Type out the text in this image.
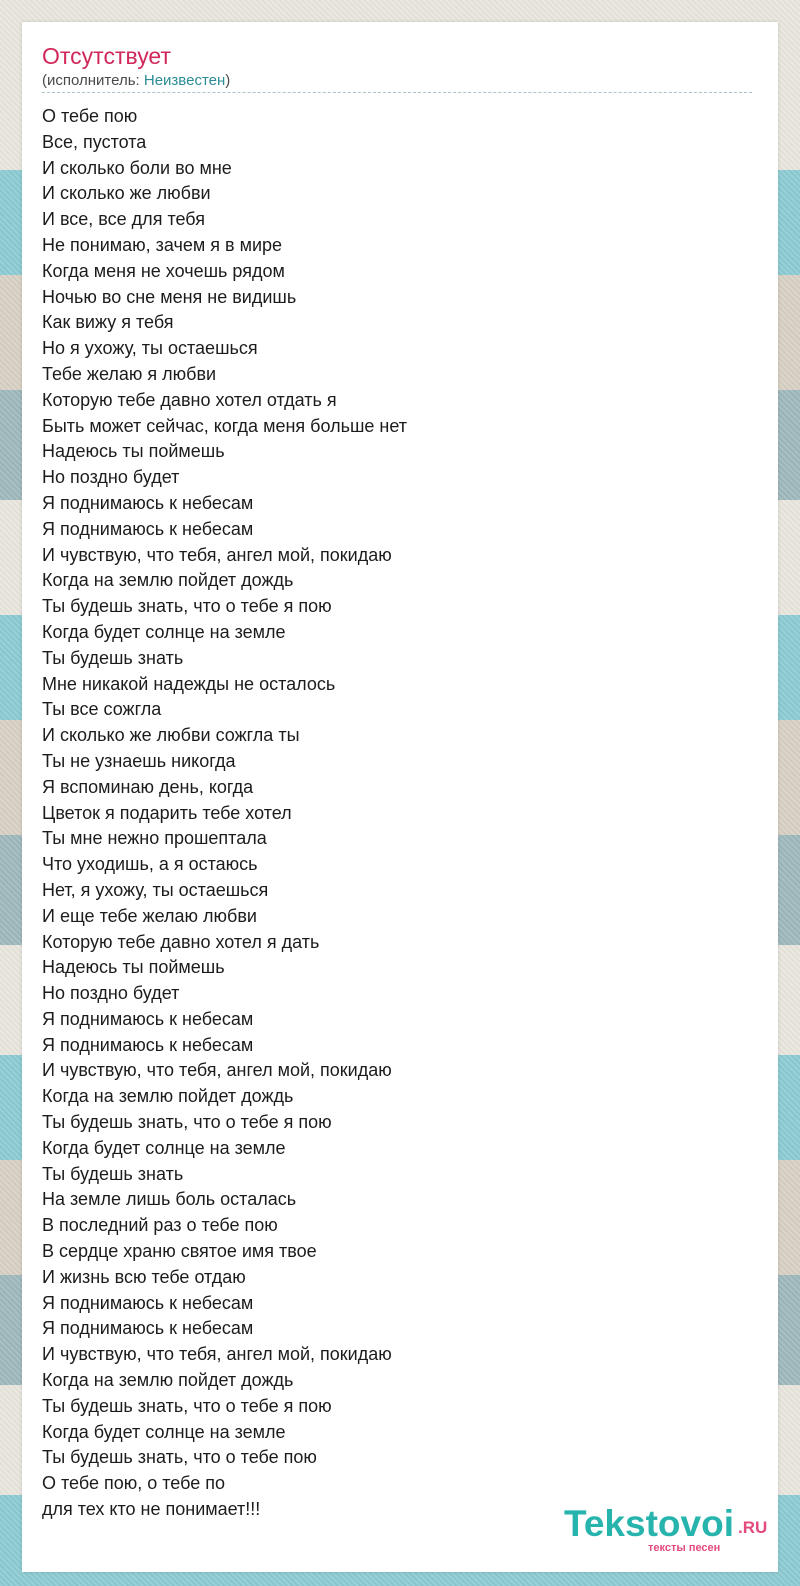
Отсутствует
(исполнитель: Неизвестен)
О тебе пою
Все, пустота
И сколько боли во мне
И сколько же любви
И все, все для тебя
Не понимаю, зачем я в мире
Когда меня не хочешь рядом
Ночью во сне меня не видишь
Как вижу я тебя
Но я ухожу, ты остаешься
Тебе желаю я любви
Которую тебе давно хотел отдать я
Быть может сейчас, когда меня больше нет
Надеюсь ты поймешь
Но поздно будет
Я поднимаюсь к небесам
Я поднимаюсь к небесам
И чувствую, что тебя, ангел мой, покидаю
Когда на землю пойдет дождь
Ты будешь знать, что о тебе я пою
Когда будет солнце на земле
Ты будешь знать
Мне никакой надежды не осталось
Ты все сожгла
И сколько же любви сожгла ты
Ты не узнаешь никогда
Я вспоминаю день, когда
Цветок я подарить тебе хотел
Ты мне нежно прошептала
Что уходишь, а я остаюсь
Нет, я ухожу, ты остаешься
И еще тебе желаю любви
Которую тебе давно хотел я дать
Надеюсь ты поймешь
Но поздно будет
Я поднимаюсь к небесам
Я поднимаюсь к небесам
И чувствую, что тебя, ангел мой, покидаю
Когда на землю пойдет дождь
Ты будешь знать, что о тебе я пою
Когда будет солнце на земле
Ты будешь знать
На земле лишь боль осталась
В последний раз о тебе пою
В сердце храню святое имя твое
И жизнь всю тебе отдаю
Я поднимаюсь к небесам
Я поднимаюсь к небесам
И чувствую, что тебя, ангел мой, покидаю
Когда на землю пойдет дождь
Ты будешь знать, что о тебе я пою
Когда будет солнце на земле
Ты будешь знать, что о тебе пою
О тебе пою, о тебе по
для тех кто не понимает!!!	Tekstovoi .RU
тексты песен
